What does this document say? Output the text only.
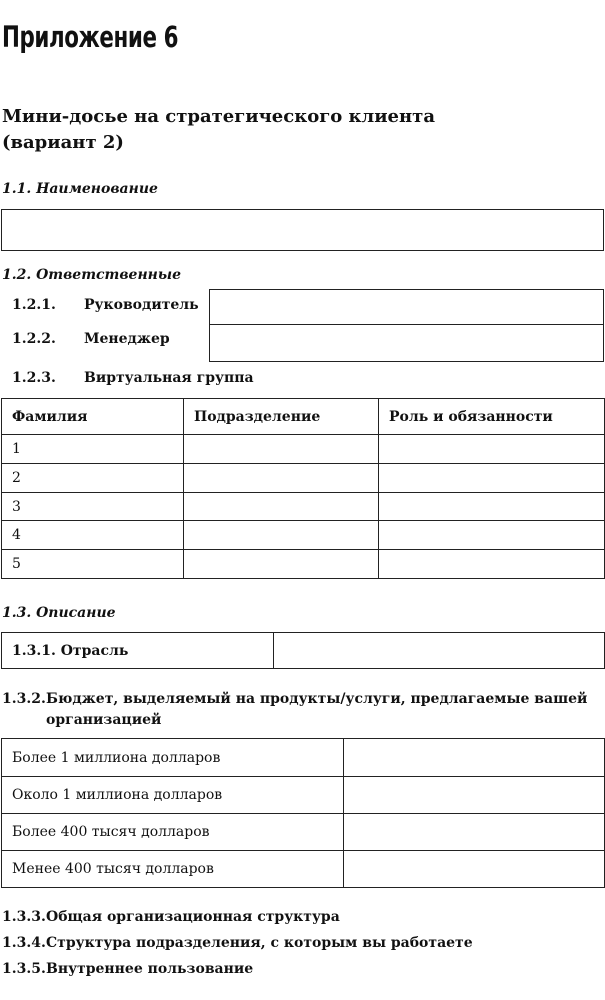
Приложение 6
Мини-досье на стратегического клиента
(вариант 2)
1.1. Наименование
1.2. Ответственные
1.2.1. Руководитель
1.2.2. Менеджер
1.2.3. Виртуальная группа
Фамилия	Подразделение	Роль и обязанности
1		
2		
3		
4		
5		
1.3. Описание
1.3.1. Отрасль	
1.3.2. Бюджет, выделяемый на продукты/услуги, предлагаемые вашей
организацией
Более 1 миллиона долларов	
Около 1 миллиона долларов	
Более 400 тысяч долларов	
Менее 400 тысяч долларов	
1.3.3. Общая организационная структура
1.3.4. Структура подразделения, с которым вы работаете
1.3.5. Внутреннее пользование
